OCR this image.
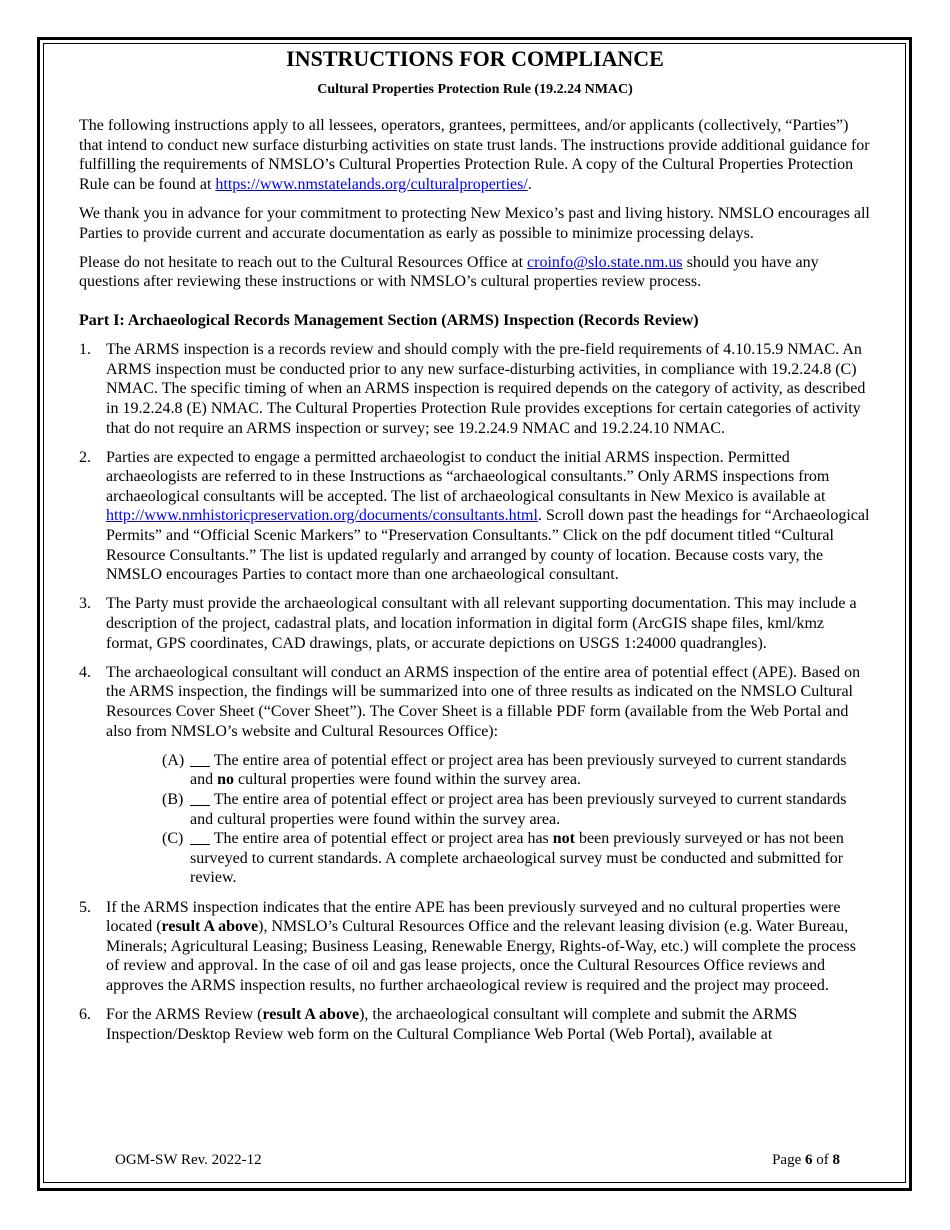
INSTRUCTIONS FOR COMPLIANCE
Cultural Properties Protection Rule (19.2.24 NMAC)

The following instructions apply to all lessees, operators, grantees, permittees, and/or applicants (collectively, “Parties”) that intend to conduct new surface disturbing activities on state trust lands. The instructions provide additional guidance for fulfilling the requirements of NMSLO’s Cultural Properties Protection Rule. A copy of the Cultural Properties Protection Rule can be found at https://www.nmstatelands.org/culturalproperties/.

We thank you in advance for your commitment to protecting New Mexico’s past and living history. NMSLO encourages all Parties to provide current and accurate documentation as early as possible to minimize processing delays.

Please do not hesitate to reach out to the Cultural Resources Office at croinfo@slo.state.nm.us should you have any questions after reviewing these instructions or with NMSLO’s cultural properties review process.

Part I: Archaeological Records Management Section (ARMS) Inspection (Records Review)
1. The ARMS inspection is a records review and should comply with the pre-field requirements of 4.10.15.9 NMAC. An ARMS inspection must be conducted prior to any new surface-disturbing activities, in compliance with 19.2.24.8 (C) NMAC. The specific timing of when an ARMS inspection is required depends on the category of activity, as described in 19.2.24.8 (E) NMAC. The Cultural Properties Protection Rule provides exceptions for certain categories of activity that do not require an ARMS inspection or survey; see 19.2.24.9 NMAC and 19.2.24.10 NMAC.
2. Parties are expected to engage a permitted archaeologist to conduct the initial ARMS inspection. Permitted archaeologists are referred to in these Instructions as “archaeological consultants.” Only ARMS inspections from archaeological consultants will be accepted. The list of archaeological consultants in New Mexico is available at http://www.nmhistoricpreservation.org/documents/consultants.html. Scroll down past the headings for “Archaeological Permits” and “Official Scenic Markers” to “Preservation Consultants.” Click on the pdf document titled “Cultural Resource Consultants.” The list is updated regularly and arranged by county of location. Because costs vary, the NMSLO encourages Parties to contact more than one archaeological consultant.
3. The Party must provide the archaeological consultant with all relevant supporting documentation. This may include a description of the project, cadastral plats, and location information in digital form (ArcGIS shape files, kml/kmz format, GPS coordinates, CAD drawings, plats, or accurate depictions on USGS 1:24000 quadrangles).
4. The archaeological consultant will conduct an ARMS inspection of the entire area of potential effect (APE). Based on the ARMS inspection, the findings will be summarized into one of three results as indicated on the NMSLO Cultural Resources Cover Sheet (“Cover Sheet”). The Cover Sheet is a fillable PDF form (available from the Web Portal and also from NMSLO’s website and Cultural Resources Office):
(A) The entire area of potential effect or project area has been previously surveyed to current standards and no cultural properties were found within the survey area.
(B) The entire area of potential effect or project area has been previously surveyed to current standards and cultural properties were found within the survey area.
(C) The entire area of potential effect or project area has not been previously surveyed or has not been surveyed to current standards. A complete archaeological survey must be conducted and submitted for review.
5. If the ARMS inspection indicates that the entire APE has been previously surveyed and no cultural properties were located (result A above), NMSLO’s Cultural Resources Office and the relevant leasing division (e.g. Water Bureau, Minerals; Agricultural Leasing; Business Leasing, Renewable Energy, Rights-of-Way, etc.) will complete the process of review and approval. In the case of oil and gas lease projects, once the Cultural Resources Office reviews and approves the ARMS inspection results, no further archaeological review is required and the project may proceed.
6. For the ARMS Review (result A above), the archaeological consultant will complete and submit the ARMS Inspection/Desktop Review web form on the Cultural Compliance Web Portal (Web Portal), available at
OGM-SW Rev. 2022-12	Page 6 of 8
